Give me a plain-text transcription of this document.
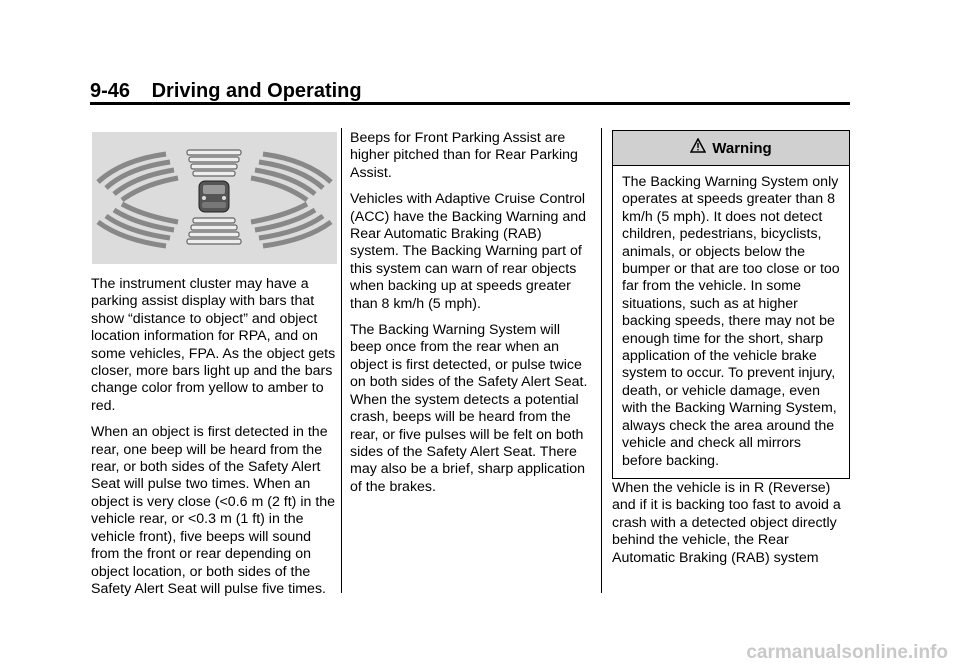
9-46 Driving and Operating

The instrument cluster may have a parking assist display with bars that show “distance to object” and object location information for RPA, and on some vehicles, FPA. As the object gets closer, more bars light up and the bars change color from yellow to amber to red.

When an object is first detected in the rear, one beep will be heard from the rear, or both sides of the Safety Alert Seat will pulse two times. When an object is very close (<0.6 m (2 ft) in the vehicle rear, or <0.3 m (1 ft) in the vehicle front), five beeps will sound from the front or rear depending on object location, or both sides of the Safety Alert Seat will pulse five times.

Beeps for Front Parking Assist are higher pitched than for Rear Parking Assist.

Vehicles with Adaptive Cruise Control (ACC) have the Backing Warning and Rear Automatic Braking (RAB) system. The Backing Warning part of this system can warn of rear objects when backing up at speeds greater than 8 km/h (5 mph).

The Backing Warning System will beep once from the rear when an object is first detected, or pulse twice on both sides of the Safety Alert Seat. When the system detects a potential crash, beeps will be heard from the rear, or five pulses will be felt on both sides of the Safety Alert Seat. There may also be a brief, sharp application of the brakes.

Warning
The Backing Warning System only operates at speeds greater than 8 km/h (5 mph). It does not detect children, pedestrians, bicyclists, animals, or objects below the bumper or that are too close or too far from the vehicle. In some situations, such as at higher backing speeds, there may not be enough time for the short, sharp application of the vehicle brake system to occur. To prevent injury, death, or vehicle damage, even with the Backing Warning System, always check the area around the vehicle and check all mirrors before backing.

When the vehicle is in R (Reverse) and if it is backing too fast to avoid a crash with a detected object directly behind the vehicle, the Rear Automatic Braking (RAB) system

carmanualsonline.info
